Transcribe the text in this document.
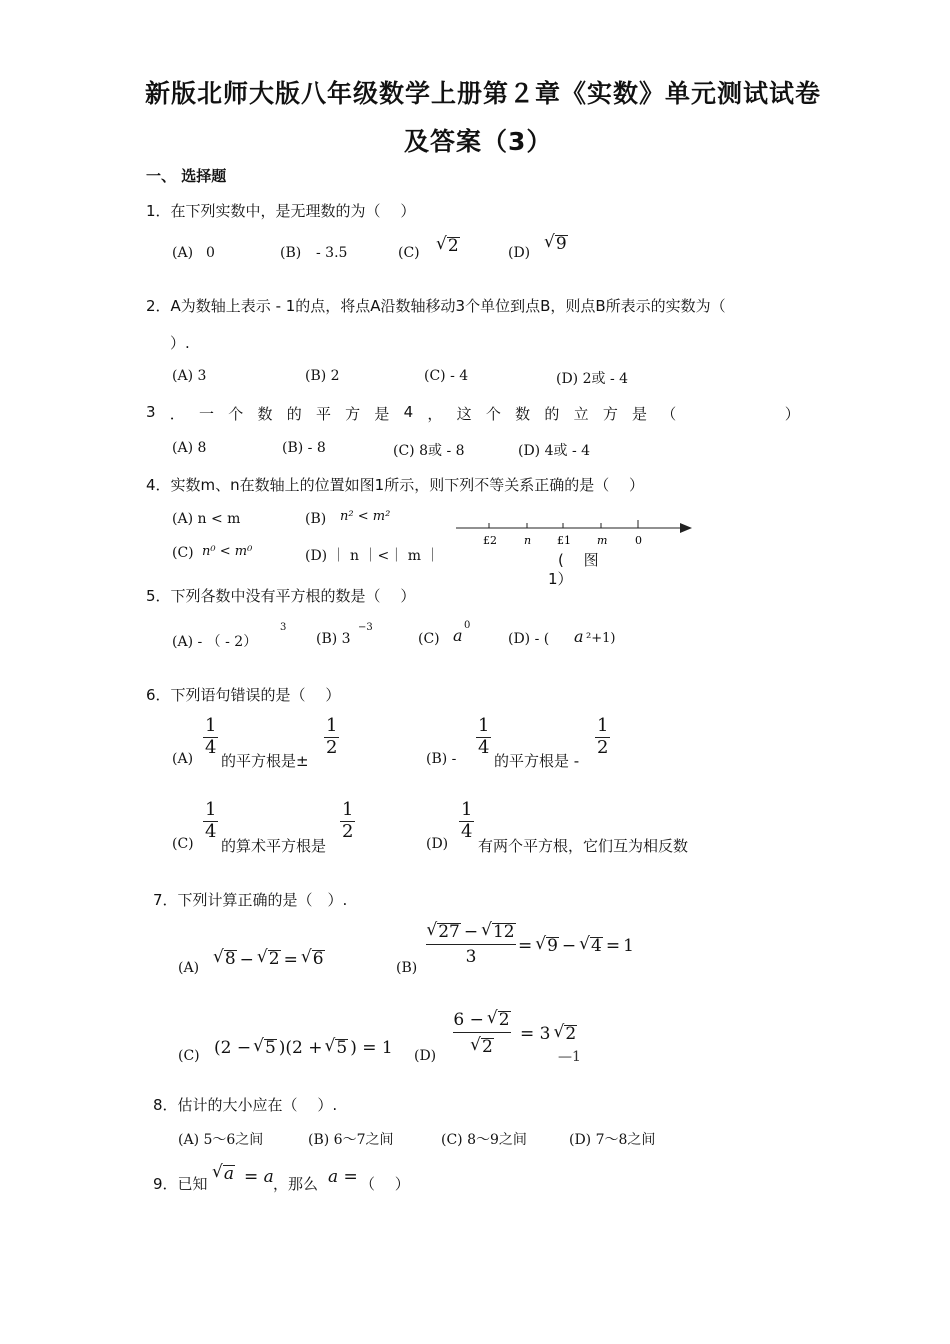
新版北师大版八年级数学上册第２章《实数》单元测试试卷
及答案（3）
一、 选择题
1．在下列实数中，是无理数的为（　 ）
(A) 0	(B) - 3.5	(C) √ 2	(D)
√ 9
2．A为数轴上表示 - 1的点，将点A沿数轴移动3个单位到点B，则点B所表示的实数为（
）.
(A) 3	(B) 2	(C) - 4	(D) 2或 - 4
3 ． 一 个 数 的 平 方 是 4 ， 这 个 数 的 立 方 是 （	）
(A) 8	(B) - 8	(C) 8或 - 8	(D) 4或 - 4
4．实数m、n在数轴上的位置如图1所示，则下列不等关系正确的是（　 ）
(A) n < m	(B) n² < m²
(C) n⁰ < m⁰	(D) ｜ n ｜<｜ m ｜
£2 n £1 m	0
(　 图
1）
5．下列各数中没有平方根的数是（　 ）
(A) - （ - 2）
3
(B) 3
−3
(C) a
0
(D) - ( a ²+1)
6．下列语句错误的是（　 ）
(A)
$\frac{1}{4}$
的平方根是±
$\frac{1}{2}$
(B) -
$\frac{1}{4}$
的平方根是 -
$\frac{1}{2}$
(C)
$\frac{1}{4}$
的算术平方根是
$\frac{1}{2}$
(D)
$\frac{1}{4}$
有两个平方根，它们互为相反数
7．下列计算正确的是（　）.
(A)
√ 8 − √ 2 = √ 6	(B)
$\frac{√ 27 - √ 12}{3}$ = √ 9 − √ 4 = 1
(C) (2 − √ 5 )(2 + √ 5 ) = 1 $(D) \frac{6 - √ 2}{√ 2} = 3$ √ 2
—1
8．估计的大小应在（　 ）.
(A) 5～6之间	(B) 6～7之间	(C) 8～9之间	(D) 7～8之间
9．已知
√ a = a ，那么 a = （　 ）
